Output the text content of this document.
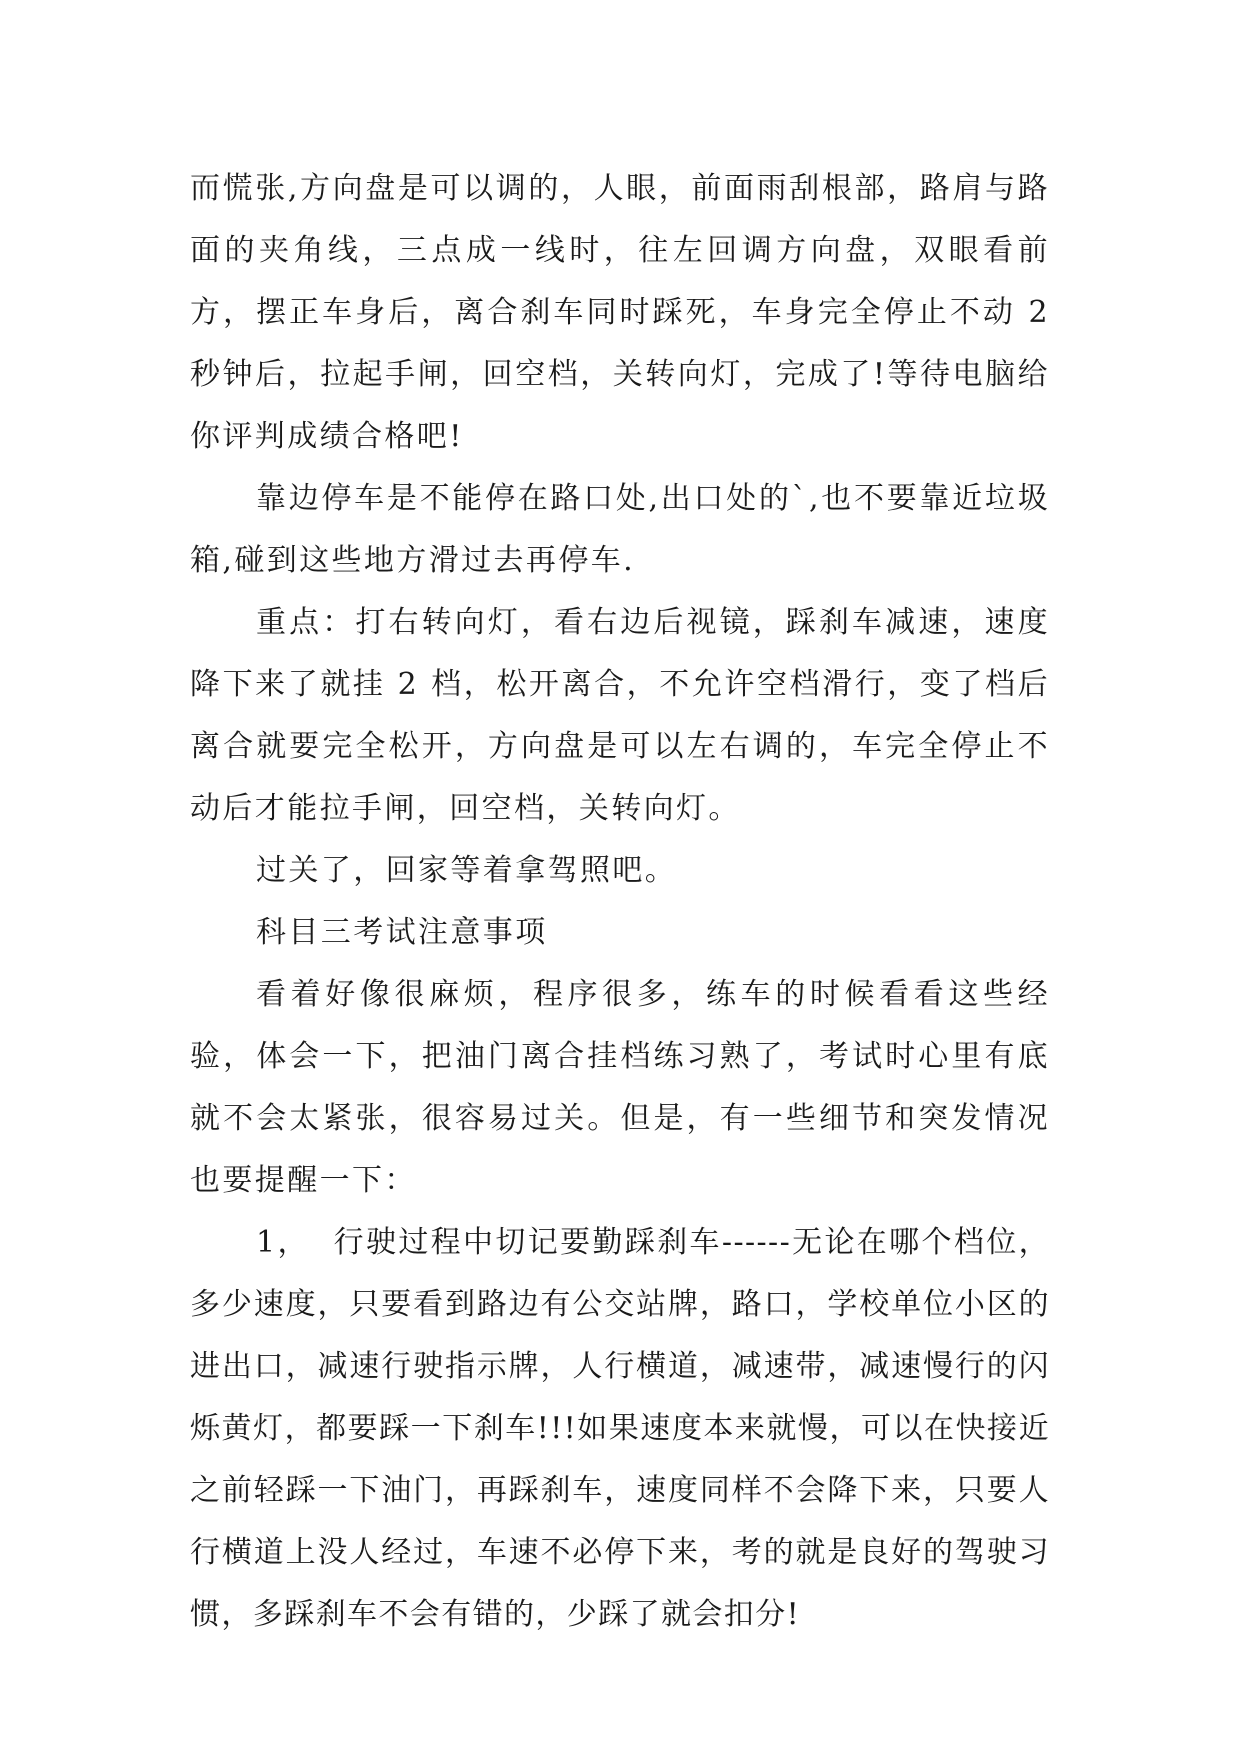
而慌张,方向盘是可以调的，人眼，前面雨刮根部，路肩与路面的夹角线，三点成一线时，往左回调方向盘，双眼看前方，摆正车身后，离合刹车同时踩死，车身完全停止不动 2 秒钟后，拉起手闸，回空档，关转向灯，完成了!等待电脑给你评判成绩合格吧!

靠边停车是不能停在路口处,出口处的`,也不要靠近垃圾箱,碰到这些地方滑过去再停车.

重点：打右转向灯，看右边后视镜，踩刹车减速，速度降下来了就挂 2 档，松开离合，不允许空档滑行，变了档后离合就要完全松开，方向盘是可以左右调的，车完全停止不动后才能拉手闸，回空档，关转向灯。

过关了，回家等着拿驾照吧。

科目三考试注意事项

看着好像很麻烦，程序很多，练车的时候看看这些经验，体会一下，把油门离合挂档练习熟了，考试时心里有底就不会太紧张，很容易过关。但是，有一些细节和突发情况也要提醒一下：

1，  行驶过程中切记要勤踩刹车------无论在哪个档位，多少速度，只要看到路边有公交站牌，路口，学校单位小区的进出口，减速行驶指示牌，人行横道，减速带，减速慢行的闪烁黄灯，都要踩一下刹车!!!如果速度本来就慢，可以在快接近之前轻踩一下油门，再踩刹车，速度同样不会降下来，只要人行横道上没人经过，车速不必停下来，考的就是良好的驾驶习惯，多踩刹车不会有错的，少踩了就会扣分!
